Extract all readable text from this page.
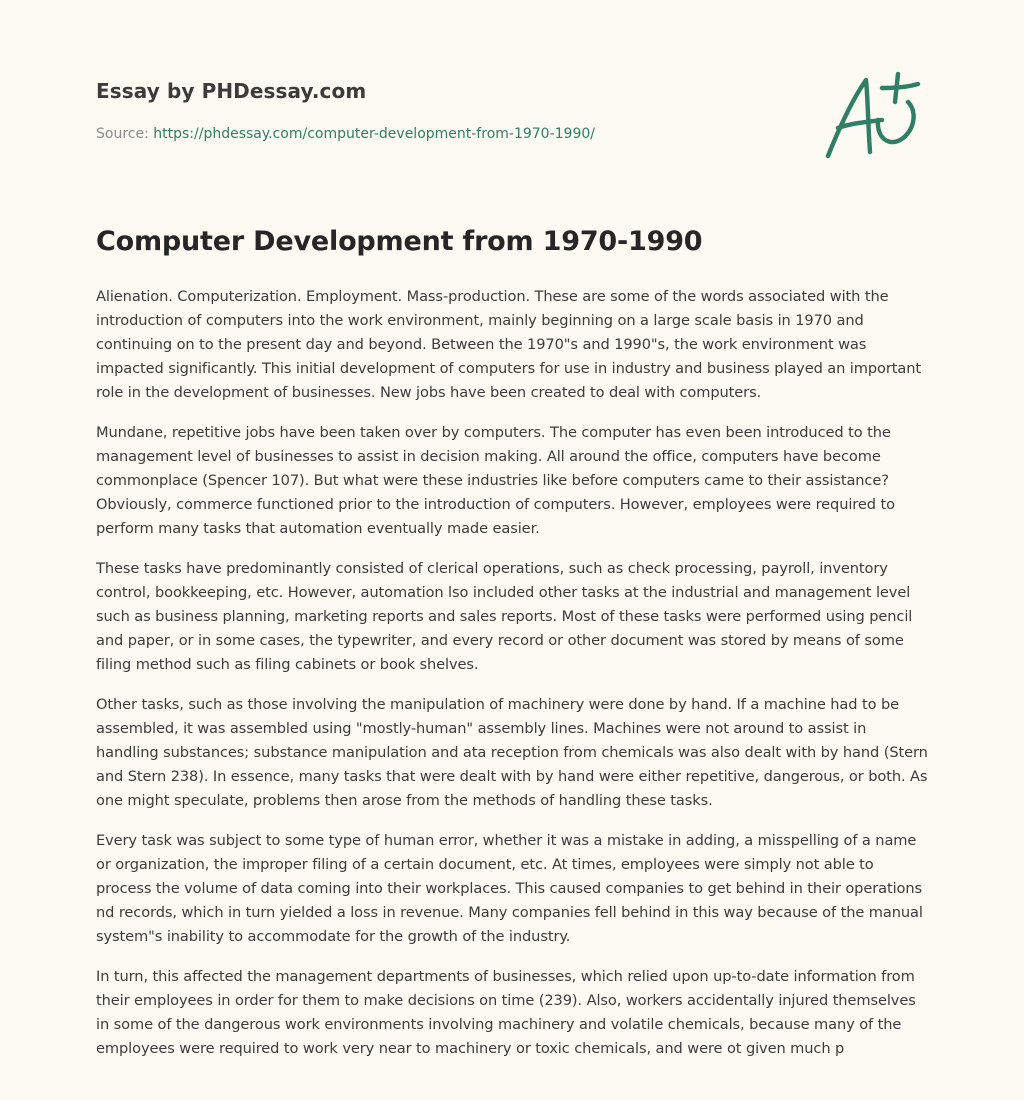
Essay by PHDessay.com
Source: https://phdessay.com/computer-development-from-1970-1990/
Computer Development from 1970-1990

Alienation. Computerization. Employment. Mass-production. These are some of the words associated with the introduction of computers into the work environment, mainly beginning on a large scale basis in 1970 and continuing on to the present day and beyond. Between the 1970"s and 1990"s, the work environment was impacted significantly. This initial development of computers for use in industry and business played an important role in the development of businesses. New jobs have been created to deal with computers.

Mundane, repetitive jobs have been taken over by computers. The computer has even been introduced to the management level of businesses to assist in decision making. All around the office, computers have become commonplace (Spencer 107). But what were these industries like before computers came to their assistance? Obviously, commerce functioned prior to the introduction of computers. However, employees were required to perform many tasks that automation eventually made easier.

These tasks have predominantly consisted of clerical operations, such as check processing, payroll, inventory control, bookkeeping, etc. However, automation lso included other tasks at the industrial and management level such as business planning, marketing reports and sales reports. Most of these tasks were performed using pencil and paper, or in some cases, the typewriter, and every record or other document was stored by means of some filing method such as filing cabinets or book shelves.

Other tasks, such as those involving the manipulation of machinery were done by hand. If a machine had to be assembled, it was assembled using "mostly-human" assembly lines. Machines were not around to assist in handling substances; substance manipulation and ata reception from chemicals was also dealt with by hand (Stern and Stern 238). In essence, many tasks that were dealt with by hand were either repetitive, dangerous, or both. As one might speculate, problems then arose from the methods of handling these tasks.

Every task was subject to some type of human error, whether it was a mistake in adding, a misspelling of a name or organization, the improper filing of a certain document, etc. At times, employees were simply not able to process the volume of data coming into their workplaces. This caused companies to get behind in their operations nd records, which in turn yielded a loss in revenue. Many companies fell behind in this way because of the manual system"s inability to accommodate for the growth of the industry.

In turn, this affected the management departments of businesses, which relied upon up-to-date information from their employees in order for them to make decisions on time (239). Also, workers accidentally injured themselves in some of the dangerous work environments involving machinery and volatile chemicals, because many of the employees were required to work very near to machinery or toxic chemicals, and were ot given much p
